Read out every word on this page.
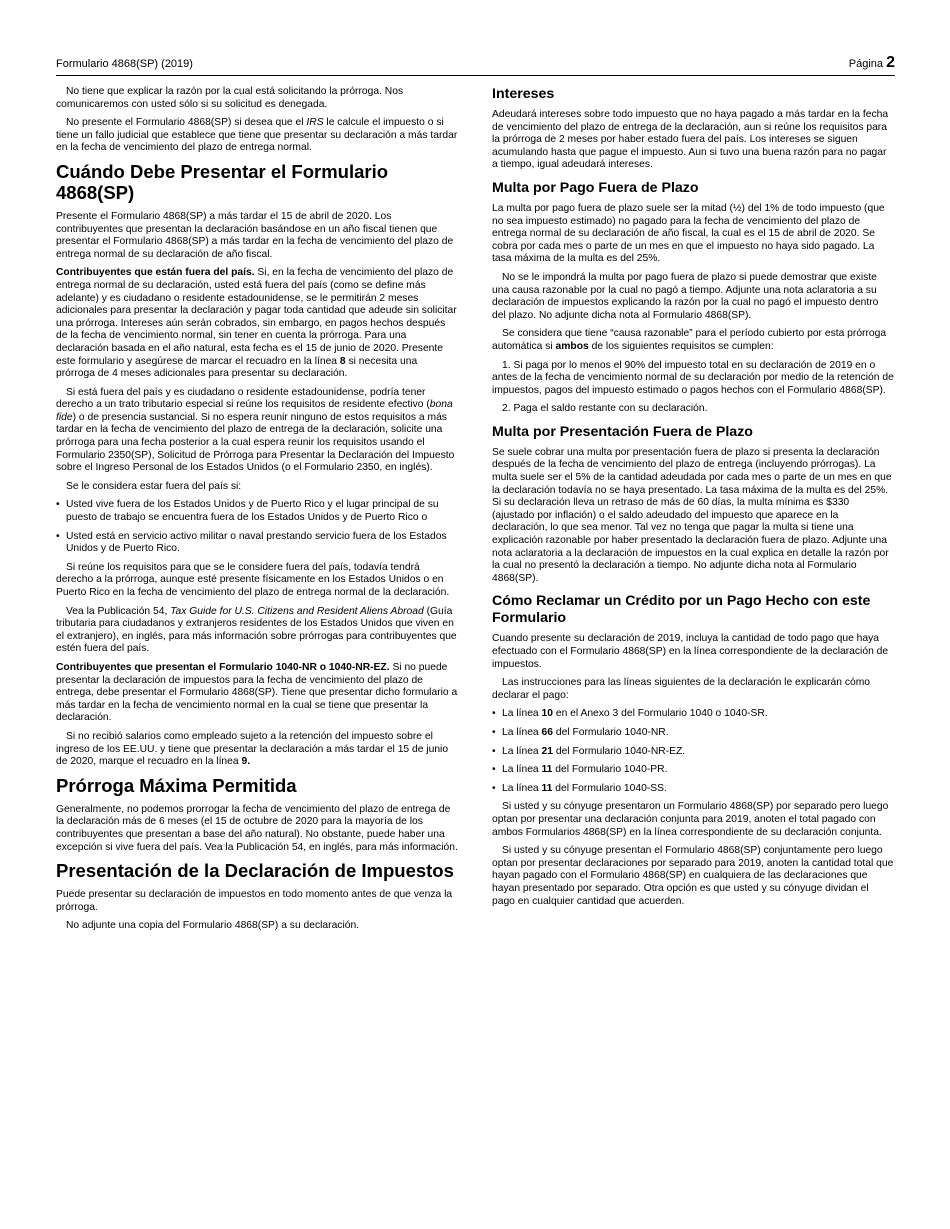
Formulario 4868(SP) (2019)	Página 2

No tiene que explicar la razón por la cual está solicitando la prórroga. Nos comunicaremos con usted sólo si su solicitud es denegada.

No presente el Formulario 4868(SP) si desea que el IRS le calcule el impuesto o si tiene un fallo judicial que establece que tiene que presentar su declaración a más tardar en la fecha de vencimiento del plazo de entrega normal.

Cuándo Debe Presentar el Formulario 4868(SP)

Presente el Formulario 4868(SP) a más tardar el 15 de abril de 2020. Los contribuyentes que presentan la declaración basándose en un año fiscal tienen que presentar el Formulario 4868(SP) a más tardar en la fecha de vencimiento del plazo de entrega normal de su declaración de año fiscal.

Contribuyentes que están fuera del país. Si, en la fecha de vencimiento del plazo de entrega normal de su declaración, usted está fuera del país (como se define más adelante) y es ciudadano o residente estadounidense, se le permitirán 2 meses adicionales para presentar la declaración y pagar toda cantidad que adeude sin solicitar una prórroga. Intereses aún serán cobrados, sin embargo, en pagos hechos después de la fecha de vencimiento normal, sin tener en cuenta la prórroga. Para una declaración basada en el año natural, esta fecha es el 15 de junio de 2020. Presente este formulario y asegúrese de marcar el recuadro en la línea 8 si necesita una prórroga de 4 meses adicionales para presentar su declaración.

Si está fuera del país y es ciudadano o residente estadounidense, podría tener derecho a un trato tributario especial si reúne los requisitos de residente efectivo (bona fide) o de presencia sustancial. Si no espera reunir ninguno de estos requisitos a más tardar en la fecha de vencimiento del plazo de entrega de la declaración, solicite una prórroga para una fecha posterior a la cual espera reunir los requisitos usando el Formulario 2350(SP), Solicitud de Prórroga para Presentar la Declaración del Impuesto sobre el Ingreso Personal de los Estados Unidos (o el Formulario 2350, en inglés).

Se le considera estar fuera del país si:

• Usted vive fuera de los Estados Unidos y de Puerto Rico y el lugar principal de su puesto de trabajo se encuentra fuera de los Estados Unidos y de Puerto Rico o
• Usted está en servicio activo militar o naval prestando servicio fuera de los Estados Unidos y de Puerto Rico.

Si reúne los requisitos para que se le considere fuera del país, todavía tendrá derecho a la prórroga, aunque esté presente físicamente en los Estados Unidos o en Puerto Rico en la fecha de vencimiento del plazo de entrega normal de la declaración.

Vea la Publicación 54, Tax Guide for U.S. Citizens and Resident Aliens Abroad (Guía tributaria para ciudadanos y extranjeros residentes de los Estados Unidos que viven en el extranjero), en inglés, para más información sobre prórrogas para contribuyentes que estén fuera del país.

Contribuyentes que presentan el Formulario 1040-NR o 1040-NR-EZ. Si no puede presentar la declaración de impuestos para la fecha de vencimiento del plazo de entrega, debe presentar el Formulario 4868(SP). Tiene que presentar dicho formulario a más tardar en la fecha de vencimiento normal en la cual se tiene que presentar la declaración.

Si no recibió salarios como empleado sujeto a la retención del impuesto sobre el ingreso de los EE.UU. y tiene que presentar la declaración a más tardar el 15 de junio de 2020, marque el recuadro en la línea 9.

Prórroga Máxima Permitida

Generalmente, no podemos prorrogar la fecha de vencimiento del plazo de entrega de la declaración más de 6 meses (el 15 de octubre de 2020 para la mayoría de los contribuyentes que presentan a base del año natural). No obstante, puede haber una excepción si vive fuera del país. Vea la Publicación 54, en inglés, para más información.

Presentación de la Declaración de Impuestos

Puede presentar su declaración de impuestos en todo momento antes de que venza la prórroga.

No adjunte una copia del Formulario 4868(SP) a su declaración.

Intereses

Adeudará intereses sobre todo impuesto que no haya pagado a más tardar en la fecha de vencimiento del plazo de entrega de la declaración, aun si reúne los requisitos para la prórroga de 2 meses por haber estado fuera del país. Los intereses se siguen acumulando hasta que pague el impuesto. Aun si tuvo una buena razón para no pagar a tiempo, igual adeudará intereses.

Multa por Pago Fuera de Plazo

La multa por pago fuera de plazo suele ser la mitad (½) del 1% de todo impuesto (que no sea impuesto estimado) no pagado para la fecha de vencimiento del plazo de entrega normal de su declaración de año fiscal, la cual es el 15 de abril de 2020. Se cobra por cada mes o parte de un mes en que el impuesto no haya sido pagado. La tasa máxima de la multa es del 25%.

No se le impondrá la multa por pago fuera de plazo si puede demostrar que existe una causa razonable por la cual no pagó a tiempo. Adjunte una nota aclaratoria a su declaración de impuestos explicando la razón por la cual no pagó el impuesto dentro del plazo. No adjunte dicha nota al Formulario 4868(SP).

Se considera que tiene “causa razonable” para el período cubierto por esta prórroga automática si ambos de los siguientes requisitos se cumplen:

1. Si paga por lo menos el 90% del impuesto total en su declaración de 2019 en o antes de la fecha de vencimiento normal de su declaración por medio de la retención de impuestos, pagos del impuesto estimado o pagos hechos con el Formulario 4868(SP).

2. Paga el saldo restante con su declaración.

Multa por Presentación Fuera de Plazo

Se suele cobrar una multa por presentación fuera de plazo si presenta la declaración después de la fecha de vencimiento del plazo de entrega (incluyendo prórrogas). La multa suele ser el 5% de la cantidad adeudada por cada mes o parte de un mes en que la declaración todavía no se haya presentado. La tasa máxima de la multa es del 25%. Si su declaración lleva un retraso de más de 60 días, la multa mínima es $330 (ajustado por inflación) o el saldo adeudado del impuesto que aparece en la declaración, lo que sea menor. Tal vez no tenga que pagar la multa si tiene una explicación razonable por haber presentado la declaración fuera de plazo. Adjunte una nota aclaratoria a la declaración de impuestos en la cual explica en detalle la razón por la cual no presentó la declaración a tiempo. No adjunte dicha nota al Formulario 4868(SP).

Cómo Reclamar un Crédito por un Pago Hecho con este Formulario

Cuando presente su declaración de 2019, incluya la cantidad de todo pago que haya efectuado con el Formulario 4868(SP) en la línea correspondiente de la declaración de impuestos.

Las instrucciones para las líneas siguientes de la declaración le explicarán cómo declarar el pago:

• La línea 10 en el Anexo 3 del Formulario 1040 o 1040-SR.
• La línea 66 del Formulario 1040-NR.
• La línea 21 del Formulario 1040-NR-EZ.
• La línea 11 del Formulario 1040-PR.
• La línea 11 del Formulario 1040-SS.

Si usted y su cónyuge presentaron un Formulario 4868(SP) por separado pero luego optan por presentar una declaración conjunta para 2019, anoten el total pagado con ambos Formularios 4868(SP) en la línea correspondiente de su declaración conjunta.

Si usted y su cónyuge presentan el Formulario 4868(SP) conjuntamente pero luego optan por presentar declaraciones por separado para 2019, anoten la cantidad total que hayan pagado con el Formulario 4868(SP) en cualquiera de las declaraciones que hayan presentado por separado. Otra opción es que usted y su cónyuge dividan el pago en cualquier cantidad que acuerden.
